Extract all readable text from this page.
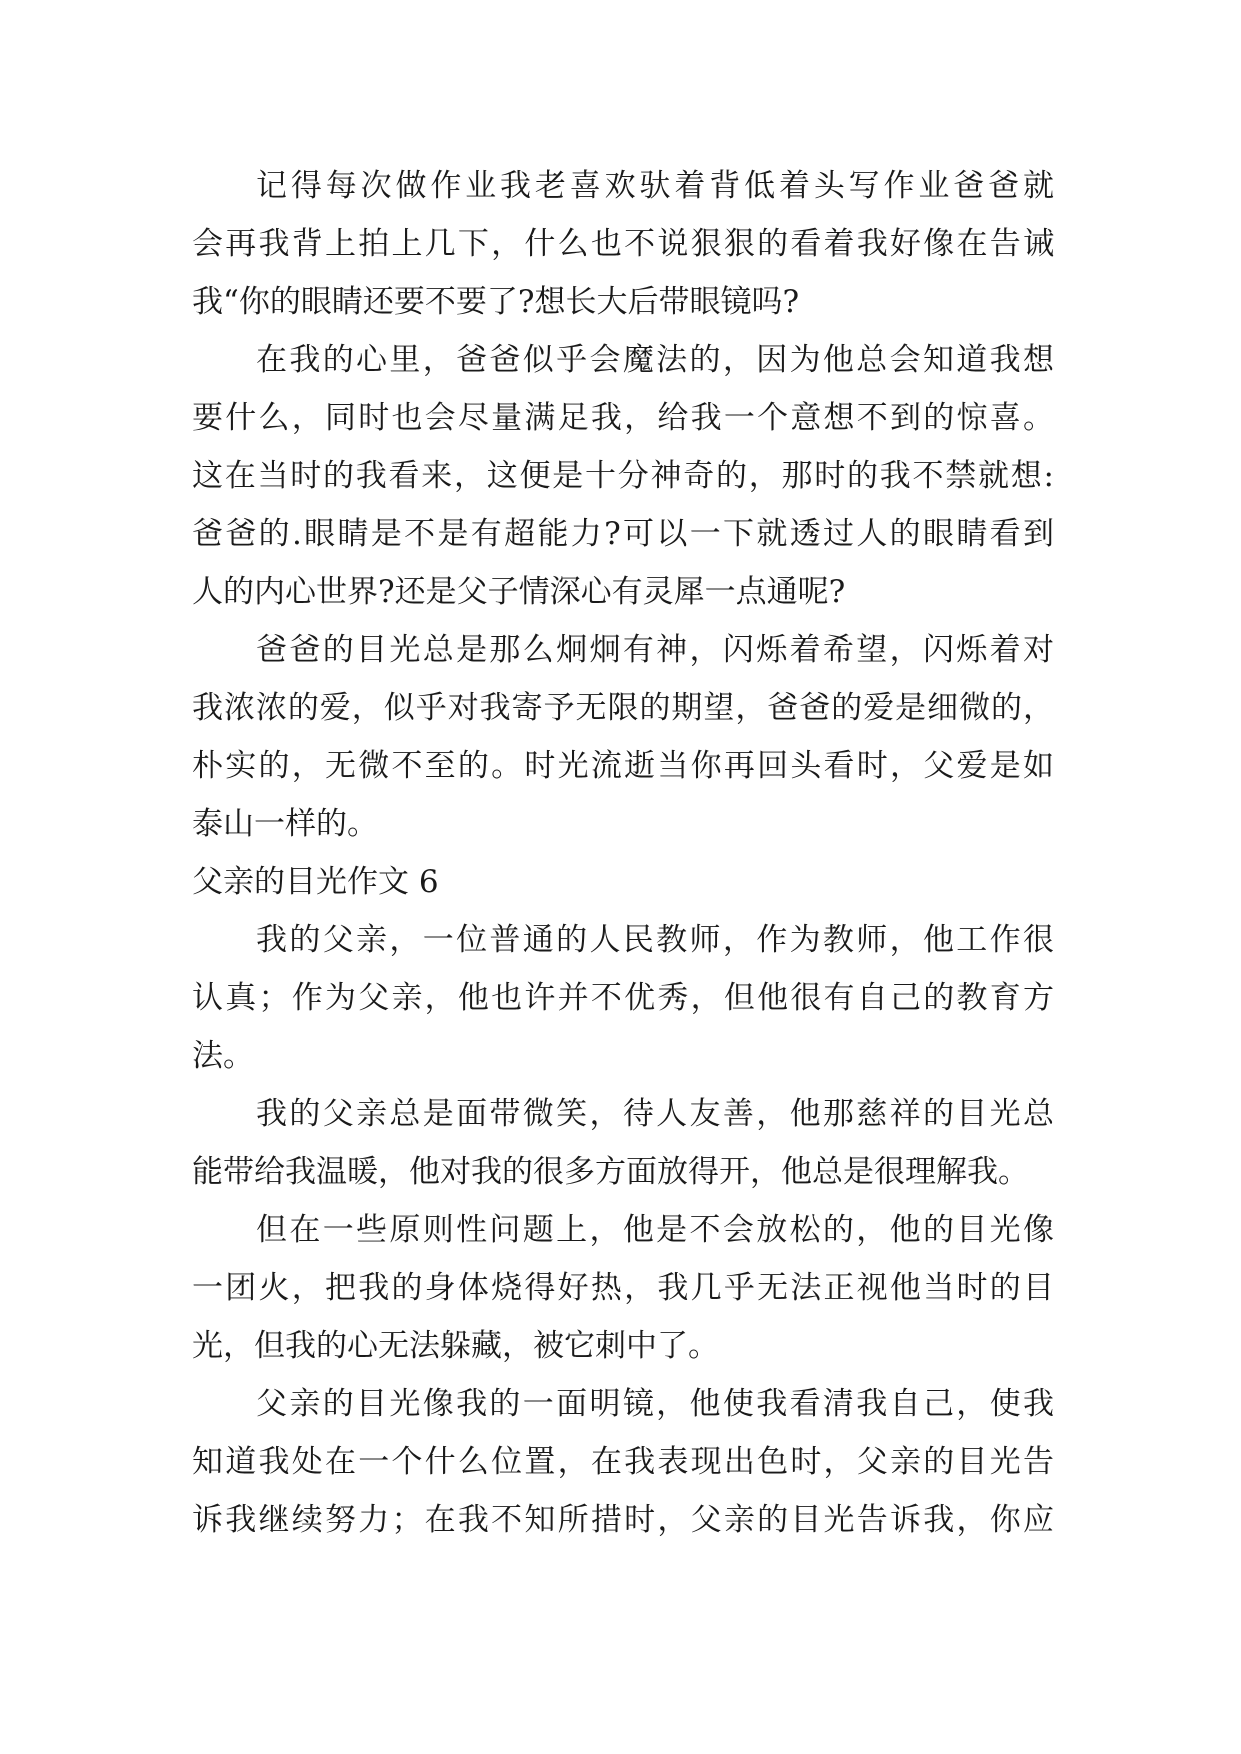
记得每次做作业我老喜欢驮着背低着头写作业爸爸就
会再我背上拍上几下，什么也不说狠狠的看着我好像在告诫
我“你的眼睛还要不要了?想长大后带眼镜吗?
在我的心里，爸爸似乎会魔法的，因为他总会知道我想
要什么，同时也会尽量满足我，给我一个意想不到的惊喜。
这在当时的我看来，这便是十分神奇的，那时的我不禁就想:
爸爸的.眼睛是不是有超能力?可以一下就透过人的眼睛看到
人的内心世界?还是父子情深心有灵犀一点通呢?
爸爸的目光总是那么炯炯有神，闪烁着希望，闪烁着对
我浓浓的爱，似乎对我寄予无限的期望，爸爸的爱是细微的，
朴实的，无微不至的。时光流逝当你再回头看时，父爱是如
泰山一样的。
父亲的目光作文 6
我的父亲，一位普通的人民教师，作为教师，他工作很
认真；作为父亲，他也许并不优秀，但他很有自己的教育方
法。
我的父亲总是面带微笑，待人友善，他那慈祥的目光总
能带给我温暖，他对我的很多方面放得开，他总是很理解我。
但在一些原则性问题上，他是不会放松的，他的目光像
一团火，把我的身体烧得好热，我几乎无法正视他当时的目
光，但我的心无法躲藏，被它刺中了。
父亲的目光像我的一面明镜，他使我看清我自己，使我
知道我处在一个什么位置，在我表现出色时，父亲的目光告
诉我继续努力；在我不知所措时，父亲的目光告诉我，你应
